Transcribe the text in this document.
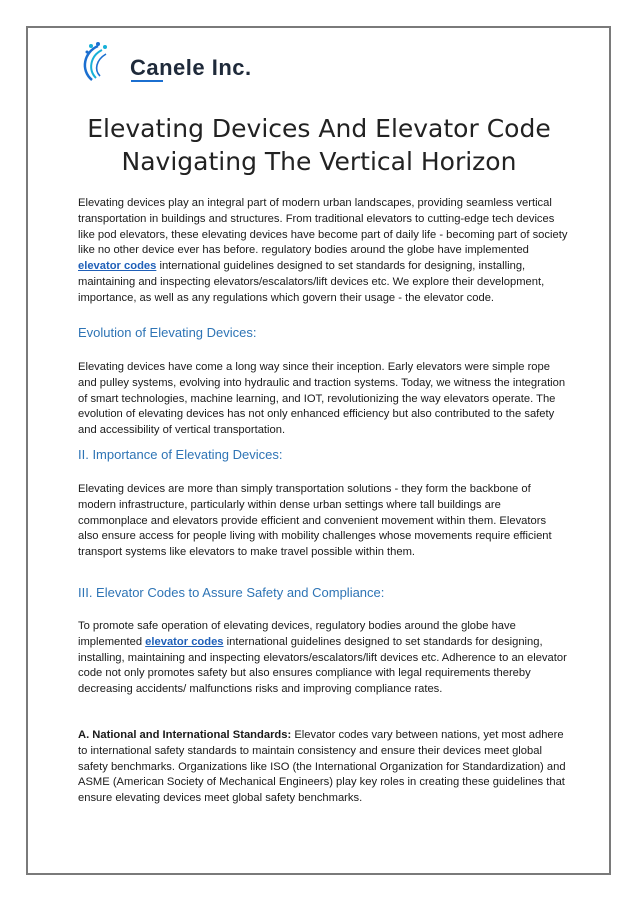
Canele Inc.
Elevating Devices And Elevator Code
Navigating The Vertical Horizon

Elevating devices play an integral part of modern urban landscapes, providing seamless vertical transportation in buildings and structures. From traditional elevators to cutting-edge tech devices like pod elevators, these elevating devices have become part of daily life - becoming part of society like no other device ever has before. regulatory bodies around the globe have implemented elevator codes international guidelines designed to set standards for designing, installing, maintaining and inspecting elevators/escalators/lift devices etc. We explore their development, importance, as well as any regulations which govern their usage - the elevator code.

Evolution of Elevating Devices:

Elevating devices have come a long way since their inception. Early elevators were simple rope and pulley systems, evolving into hydraulic and traction systems. Today, we witness the integration of smart technologies, machine learning, and IOT, revolutionizing the way elevators operate. The evolution of elevating devices has not only enhanced efficiency but also contributed to the safety and accessibility of vertical transportation.

II. Importance of Elevating Devices:

Elevating devices are more than simply transportation solutions - they form the backbone of modern infrastructure, particularly within dense urban settings where tall buildings are commonplace and elevators provide efficient and convenient movement within them. Elevators also ensure access for people living with mobility challenges whose movements require efficient transport systems like elevators to make travel possible within them.

III. Elevator Codes to Assure Safety and Compliance:

To promote safe operation of elevating devices, regulatory bodies around the globe have implemented elevator codes international guidelines designed to set standards for designing, installing, maintaining and inspecting elevators/escalators/lift devices etc. Adherence to an elevator code not only promotes safety but also ensures compliance with legal requirements thereby decreasing accidents/ malfunctions risks and improving compliance rates.

A. National and International Standards: Elevator codes vary between nations, yet most adhere to international safety standards to maintain consistency and ensure their devices meet global safety benchmarks. Organizations like ISO (the International Organization for Standardization) and ASME (American Society of Mechanical Engineers) play key roles in creating these guidelines that ensure elevating devices meet global safety benchmarks.
